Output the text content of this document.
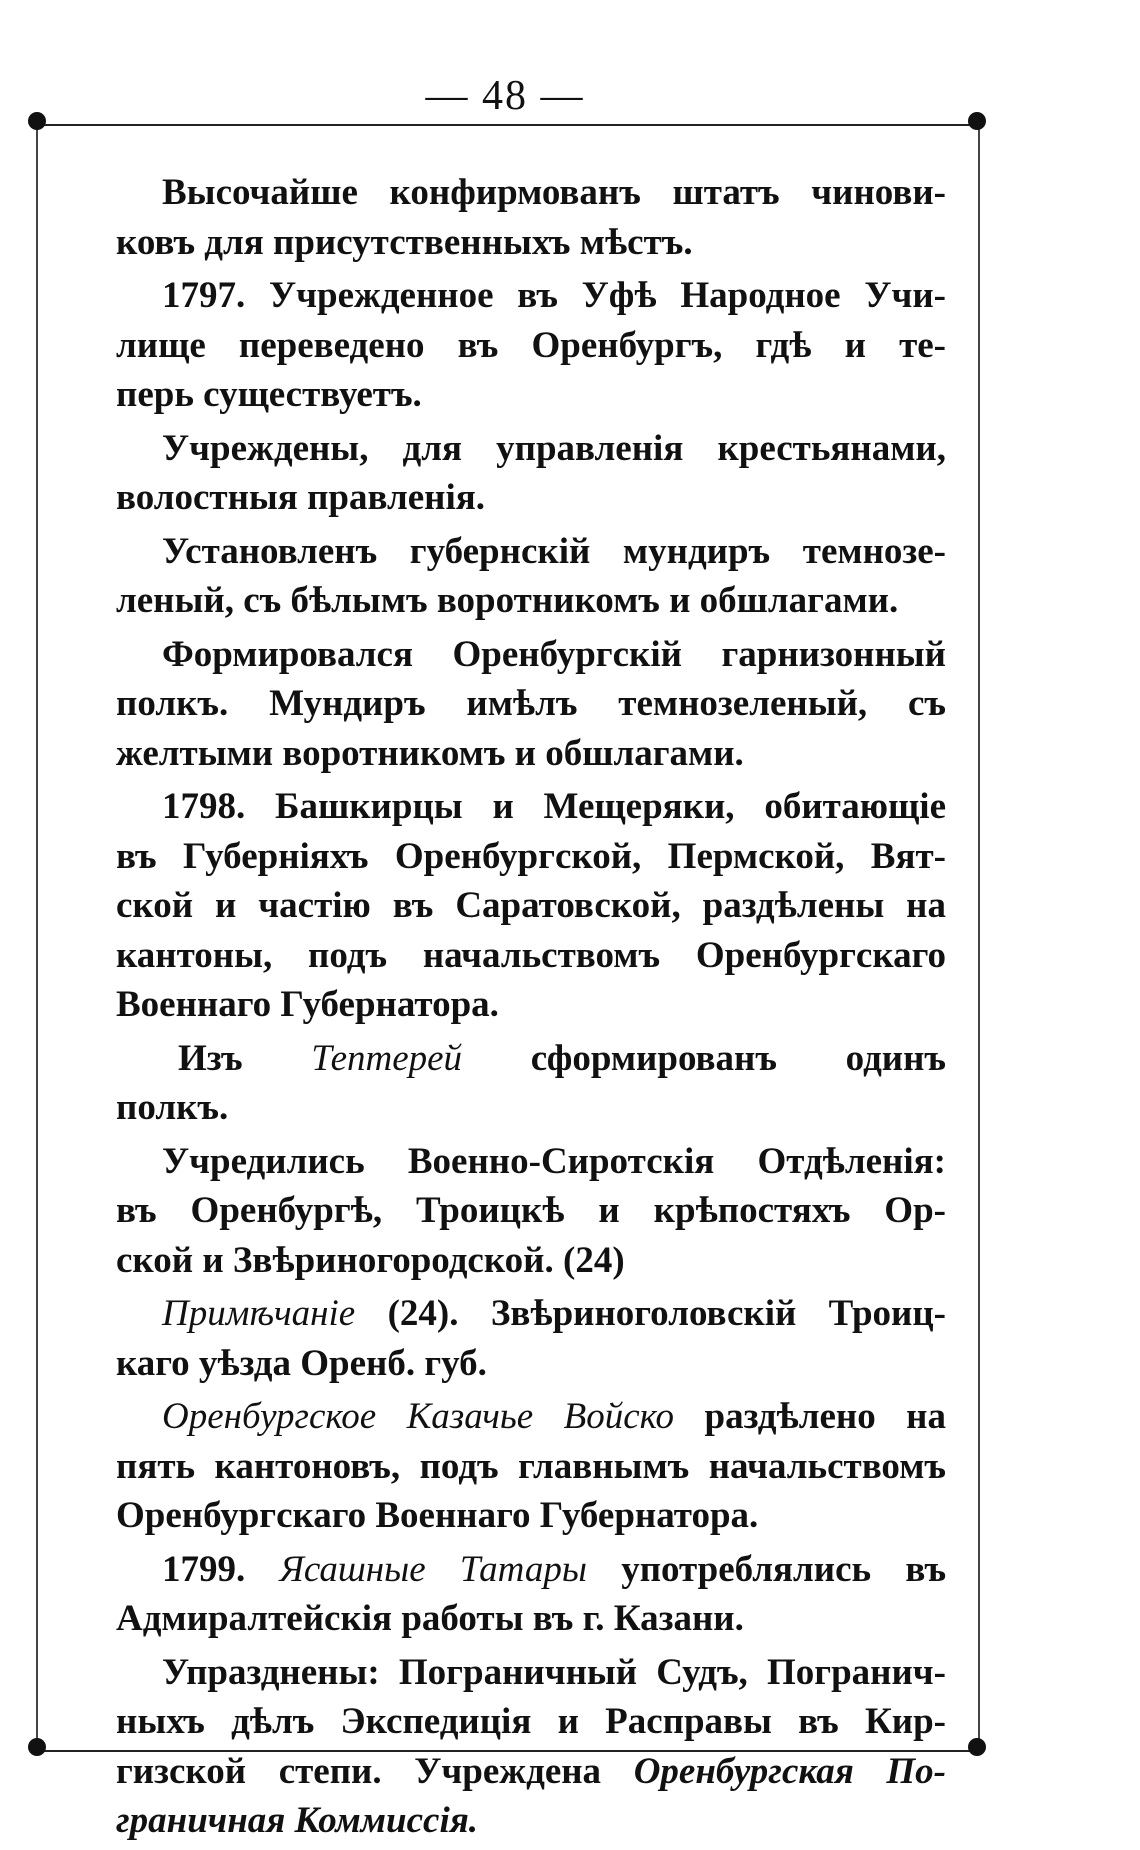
— 48 —
Высочайше конфирмованъ штатъ чинови-
ковъ для присутственныхъ мѣстъ.
1797. Учрежденное въ Уфѣ Народное Учи-
лище переведено въ Оренбургъ, гдѣ и те-
перь существуетъ.
Учреждены, для управленія крестьянами,
волостныя правленія.
Установленъ губернскій мундиръ темнозе-
леный, съ бѣлымъ воротникомъ и обшлагами.
Формировался Оренбургскій гарнизонный
полкъ. Мундиръ имѣлъ темнозеленый, съ
желтыми воротникомъ и обшлагами.
1798. Башкирцы и Мещеряки, обитающіе
въ Губерніяхъ Оренбургской, Пермской, Вят-
ской и частію въ Саратовской, раздѣлены на
кантоны, подъ начальствомъ Оренбургскаго
Военнаго Губернатора.
Изъ Тептерей сформированъ одинъ
полкъ.
Учредились Военно-Сиротскія Отдѣленія:
въ Оренбургѣ, Троицкѣ и крѣпостяхъ Ор-
ской и Звѣриногородской. (24)
Примѣчаніе (24). Звѣриноголовскій Троиц-
каго уѣзда Оренб. губ.
Оренбургское Казачье Войско раздѣлено на
пять кантоновъ, подъ главнымъ начальствомъ
Оренбургскаго Военнаго Губернатора.
1799. Ясашные Татары употреблялись въ
Адмиралтейскія работы въ г. Казани.
Упразднены: Пограничный Судъ, Погранич-
ныхъ дѣлъ Экспедиція и Расправы въ Кир-
гизской степи. Учреждена Оренбургская По-
граничная Коммиссія.
